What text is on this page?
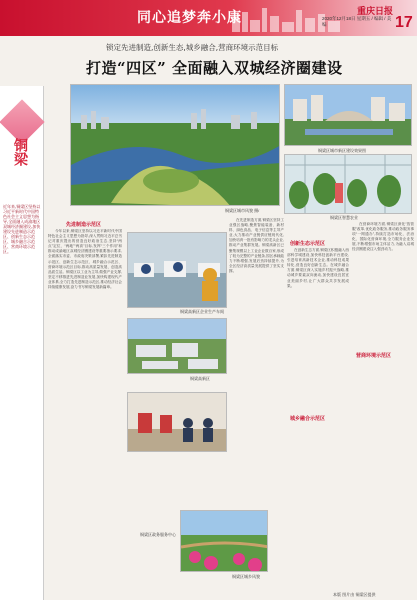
同心追梦奔小康	重庆日报
2020年12月18日 星期五 / 编辑 / 美编	17
锁定先进制造,创新生态,城乡融合,营商环境示范目标
打造“四区” 全面融入双城经济圈建设
铜梁
近年来,铜梁区坚持以习近平新时代中国特色社会主义思想为指导,全面融入成渝地区双城经济圈建设,加快建设先进制造示范区、创新生态示范区、城乡融合示范区、营商环境示范区。
铜梁区城市风貌 摄/
铜梁区城市新区建设效果图
铜梁区智慧农业
先进制造示范区

今年以来,铜梁区坚持以习近平新时代中国特色社会主义思想为指导,深入贯彻习近平总书记对重庆提出的营造良好政治生态,坚持“两点”定位、“两地”“两高”目标,发挥“三个作用”和推动成渝地区双城经济圈建设等重要指示要求,全面落实市委、市政府决策部署,紧扣先进制造示范区、创新生态示范区、城乡融合示范区、营商环境示范区目标,推动高质量发展、创造高品质生活。铜梁区以工业为主导,做强产业支撑,坚定不移推进先进制造业发展,加快构建现代产业体系,全力打造先进制造示范区,推动经济社会持续健康发展,奋力书写铜梁发展新篇章。

铜梁高新区企业生产车间
铜梁高新区
铜梁区政务服务中心
铜梁区城乡风貌
创新生态示范区

在先进制造方面,铜梁区坚持工业强区战略,聚焦智能装备、新材料、绿色食品、电子信息等主导产业,大力推动产业链供应链现代化,加快培育一批有影响力的龙头企业,推动产业集群发展。铜梁高新区已聚集规模以上工业企业数百家,形成了较为完整的产业链条,园区承载能力不断增强,发展后劲持续提升,为全区经济高质量发展提供了坚实支撑。

城乡融合示范区

在创新生态方面,铜梁区积极融入西部科学城建设,加快科技创新平台建设,引进培育高新技术企业,推动科技成果转化,营造良好创新生态。在城乡融合方面,铜梁区深入实施乡村振兴战略,推动城乡要素双向流动,加快建设宜居宜业美丽乡村,让广大群众共享发展成果。

营商环境示范区

在营商环境方面,铜梁区深化“放管服”改革,优化政务服务,推动政务服务事项“一网通办”,持续打造市场化、法治化、国际化营商环境,全力服务企业发展,不断增强市场主体活力,为融入双城经济圈建设注入强劲动力。

本版 图片由 铜梁区提供
